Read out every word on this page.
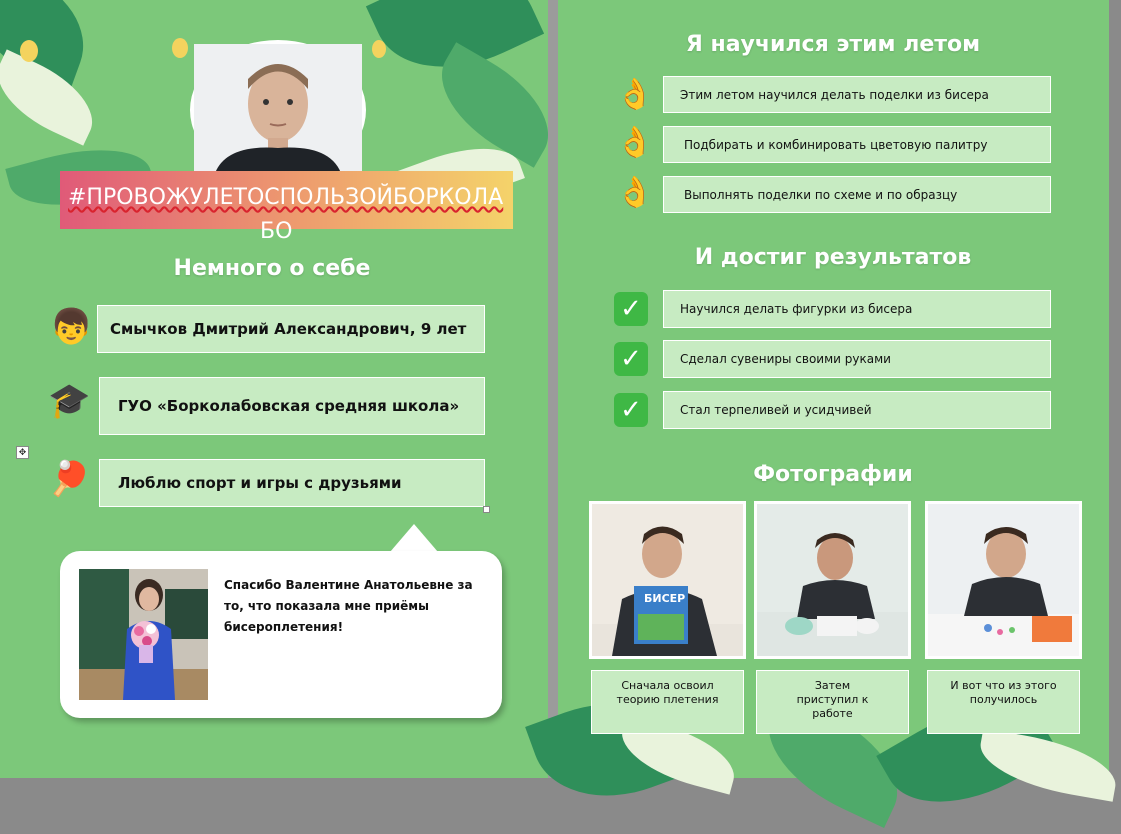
#ПРОВОЖУЛЕТОСПОЛЬЗОЙБОРКОЛА
БО
Немного о себе
👦 Смычков Дмитрий Александрович, 9 лет
🎓 ГУО «Борколабовская средняя школа»
✥
🏓 Люблю спорт и игры с друзьями
Спасибо Валентине Анатольевне за то, что показала мне приёмы бисероплетения!
Я научился этим летом
👌 Этим летом научился делать поделки из бисера
👌	Подбирать и комбинировать цветовую палитру
👌	Выполнять поделки по схеме и по образцу
И достиг результатов
✓	Научился делать фигурки из бисера
✓	Сделал сувениры своими руками
✓	Стал терпеливей и усидчивей
Фотографии
БИСЕР
Сначала освоил теорию плетения
Затем приступил к работе
И вот что из этого получилось
